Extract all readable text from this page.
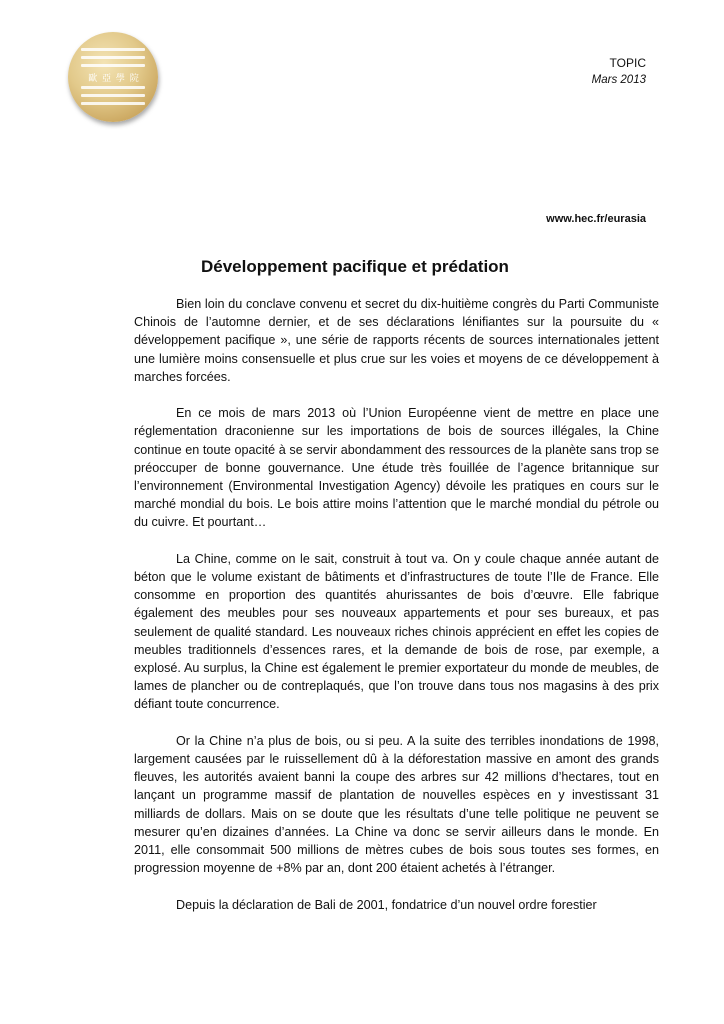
歐 亞 學 院
TOPIC
Mars 2013
www.hec.fr/eurasia
Développement pacifique et prédation

Bien loin du conclave convenu et secret du dix-huitième congrès du Parti Communiste Chinois de l’automne dernier, et de ses déclarations lénifiantes sur la poursuite du « développement pacifique », une série de rapports récents de sources internationales jettent une lumière moins consensuelle et plus crue sur les voies et moyens de ce développement à marches forcées.

En ce mois de mars 2013 où l’Union Européenne vient de mettre en place une réglementation draconienne sur les importations de bois de sources illégales, la Chine continue en toute opacité à se servir abondamment des ressources de la planète sans trop se préoccuper de bonne gouvernance. Une étude très fouillée de l’agence britannique sur l’environnement (Environmental Investigation Agency) dévoile les pratiques en cours sur le marché mondial du bois. Le bois attire moins l’attention que le marché mondial du pétrole ou du cuivre. Et pourtant…

La Chine, comme on le sait, construit à tout va. On y coule chaque année autant de béton que le volume existant de bâtiments et d’infrastructures de toute l’Ile de France. Elle consomme en proportion des quantités ahurissantes de bois d’œuvre. Elle fabrique également des meubles pour ses nouveaux appartements et pour ses bureaux, et pas seulement de qualité standard. Les nouveaux riches chinois apprécient en effet les copies de meubles traditionnels d’essences rares, et la demande de bois de rose, par exemple, a explosé. Au surplus, la Chine est également le premier exportateur du monde de meubles, de lames de plancher ou de contreplaqués, que l’on trouve dans tous nos magasins à des prix défiant toute concurrence.

Or la Chine n’a plus de bois, ou si peu. A la suite des terribles inondations de 1998, largement causées par le ruissellement dû à la déforestation massive en amont des grands fleuves, les autorités avaient banni la coupe des arbres sur 42 millions d’hectares, tout en lançant un programme massif de plantation de nouvelles espèces en y investissant 31 milliards de dollars. Mais on se doute que les résultats d’une telle politique ne peuvent se mesurer qu’en dizaines d’années. La Chine va donc se servir ailleurs dans le monde. En 2011, elle consommait 500 millions de mètres cubes de bois sous toutes ses formes, en progression moyenne de +8% par an, dont 200 étaient achetés à l’étranger.

Depuis la déclaration de Bali de 2001, fondatrice d’un nouvel ordre forestier
